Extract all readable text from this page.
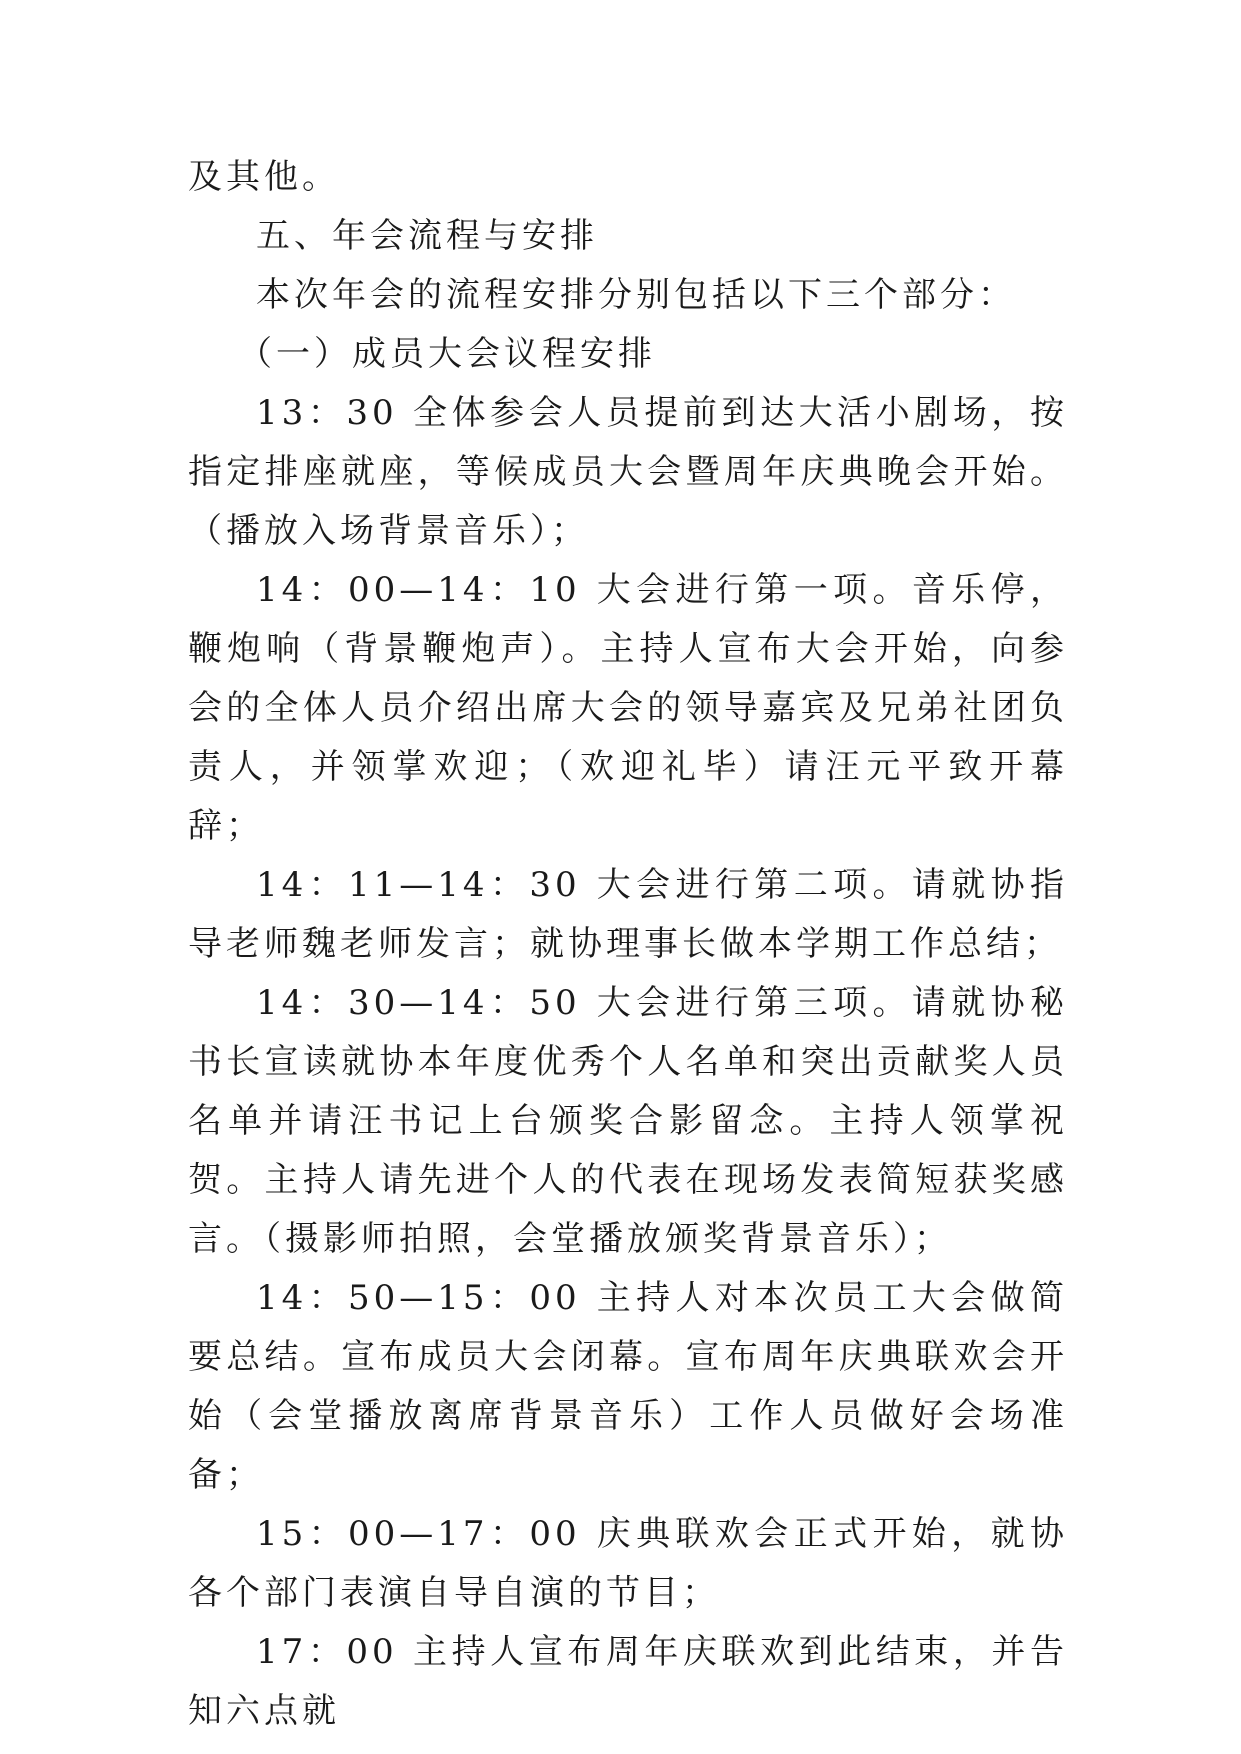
及其他。

五、年会流程与安排

本次年会的流程安排分别包括以下三个部分：

（一）成员大会议程安排

13：30 全体参会人员提前到达大活小剧场，按指定排座就座，等候成员大会暨周年庆典晚会开始。（播放入场背景音乐）；

14：00—14：10 大会进行第一项。音乐停，鞭炮响（背景鞭炮声）。主持人宣布大会开始，向参会的全体人员介绍出席大会的领导嘉宾及兄弟社团负责人，并领掌欢迎；（欢迎礼毕）请汪元平致开幕辞；

14：11—14：30 大会进行第二项。请就协指导老师魏老师发言；就协理事长做本学期工作总结；

14：30—14：50 大会进行第三项。请就协秘书长宣读就协本年度优秀个人名单和突出贡献奖人员名单并请汪书记上台颁奖合影留念。主持人领掌祝贺。主持人请先进个人的代表在现场发表简短获奖感言。（摄影师拍照，会堂播放颁奖背景音乐）；

14：50—15：00 主持人对本次员工大会做简要总结。宣布成员大会闭幕。宣布周年庆典联欢会开始（会堂播放离席背景音乐）工作人员做好会场准备；

15：00—17：00 庆典联欢会正式开始，就协各个部门表演自导自演的节目；

17：00 主持人宣布周年庆联欢到此结束，并告知六点就
